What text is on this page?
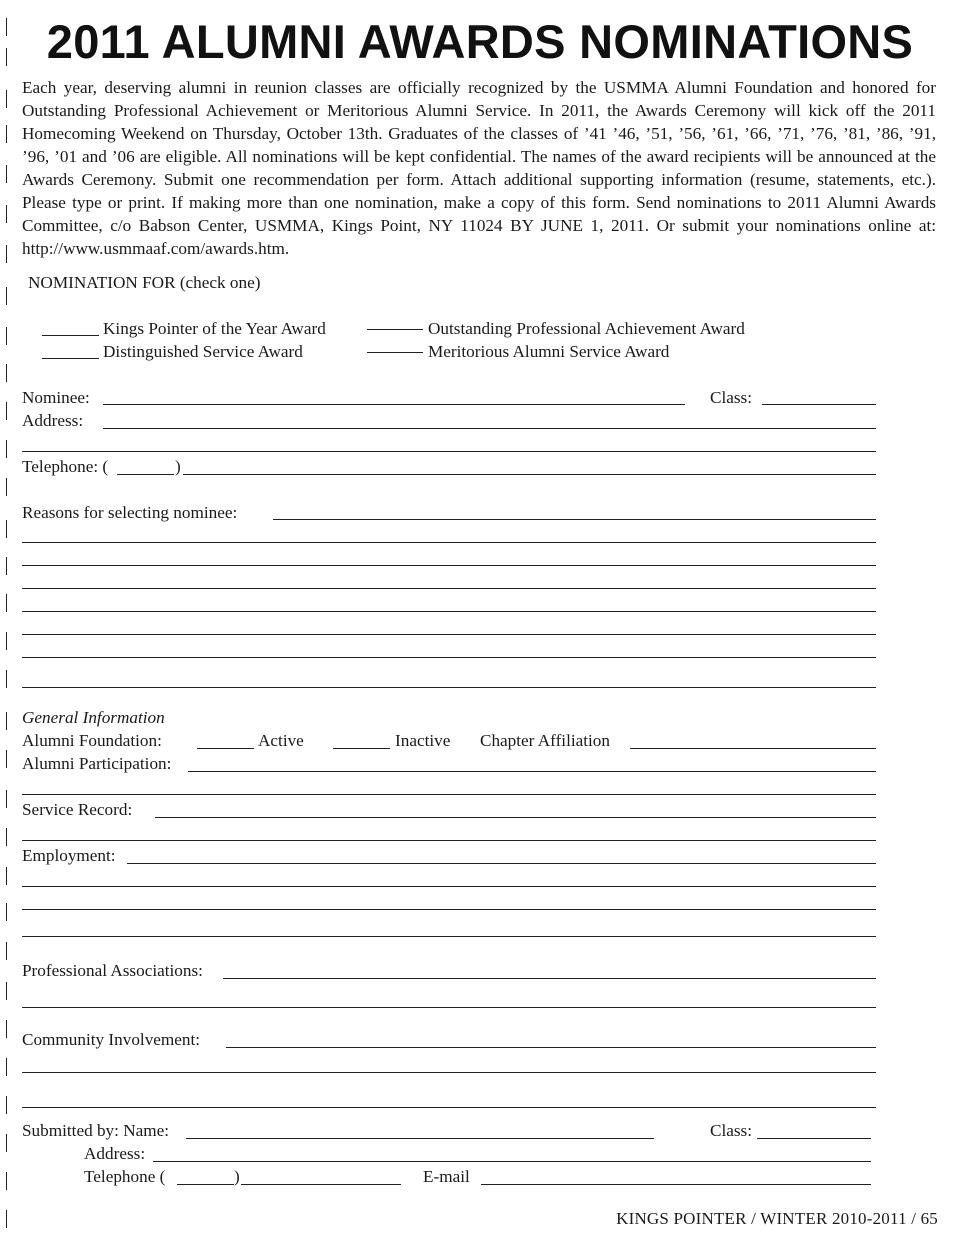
2011 ALUMNI AWARDS NOMINATIONS
Each year, deserving alumni in reunion classes are officially recognized by the USMMA Alumni Foundation and honored for Outstanding Professional Achievement or Meritorious Alumni Service. In 2011, the Awards Ceremony will kick off the 2011 Homecoming Weekend on Thursday, October 13th. Graduates of the classes of ’41 ’46, ’51, ’56, ’61, ’66, ’71, ’76, ’81, ’86, ’91, ’96, ’01 and ’06 are eligible. All nominations will be kept confidential. The names of the award recipients will be announced at the Awards Ceremony. Submit one recommendation per form. Attach additional supporting information (resume, statements, etc.). Please type or print. If making more than one nomination, make a copy of this form. Send nominations to 2011 Alumni Awards Committee, c/o Babson Center, USMMA, Kings Point, NY 11024 BY JUNE 1, 2011. Or submit your nominations online at: http://www.usmmaaf.com/awards.htm.
NOMINATION FOR (check one)
Kings Pointer of the Year Award
Distinguished Service Award
Outstanding Professional Achievement Award
Meritorious Alumni Service Award
Nominee:	Class:
Address:
Telephone: (	)
Reasons for selecting nominee:
General Information
Alumni Foundation:	Active	Inactive Chapter Affiliation
Alumni Participation:
Service Record:
Employment:
Professional Associations:
Community Involvement:
Submitted by: Name:	Class:
Address:
Telephone (	)	E-mail
KINGS POINTER / WINTER 2010-2011 / 65
